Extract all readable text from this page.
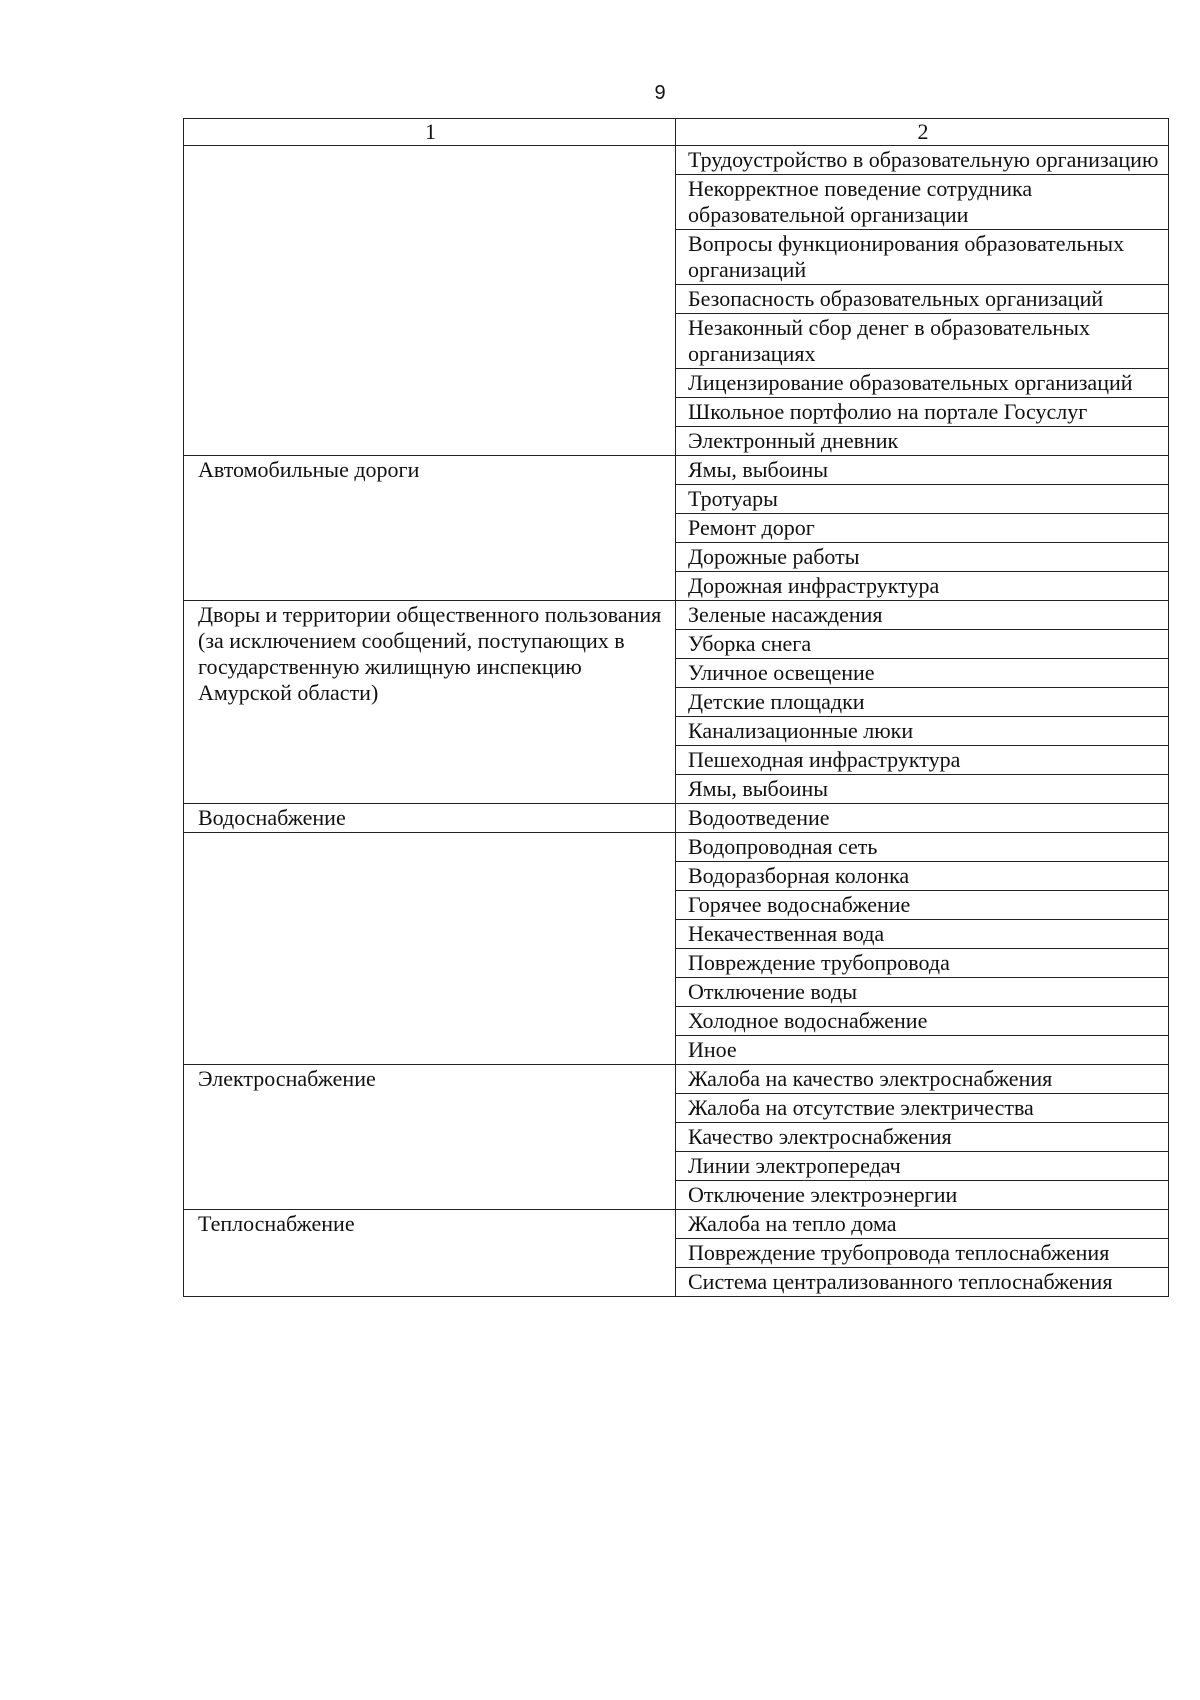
9
1	2
	Трудоустройство в образовательную организацию
	Некорректное поведение сотрудника образовательной организации
	Вопросы функционирования образовательных организаций
	Безопасность образовательных организаций
	Незаконный сбор денег в образовательных организациях
	Лицензирование образовательных организаций
	Школьное портфолио на портале Госуслуг
	Электронный дневник
Автомобильные дороги	Ямы, выбоины
	Тротуары
	Ремонт дорог
	Дорожные работы
	Дорожная инфраструктура
Дворы и территории общественного пользования (за исключением сообщений, поступающих в государственную жилищную инспекцию Амурской области)	Зеленые насаждения
	Уборка снега
	Уличное освещение
	Детские площадки
	Канализационные люки
	Пешеходная инфраструктура
	Ямы, выбоины
Водоснабжение	Водоотведение
	Водопроводная сеть
	Водоразборная колонка
	Горячее водоснабжение
	Некачественная вода
	Повреждение трубопровода
	Отключение воды
	Холодное водоснабжение
	Иное
Электроснабжение	Жалоба на качество электроснабжения
	Жалоба на отсутствие электричества
	Качество электроснабжения
	Линии электропередач
	Отключение электроэнергии
Теплоснабжение	Жалоба на тепло дома
	Повреждение трубопровода теплоснабжения
	Система централизованного теплоснабжения
